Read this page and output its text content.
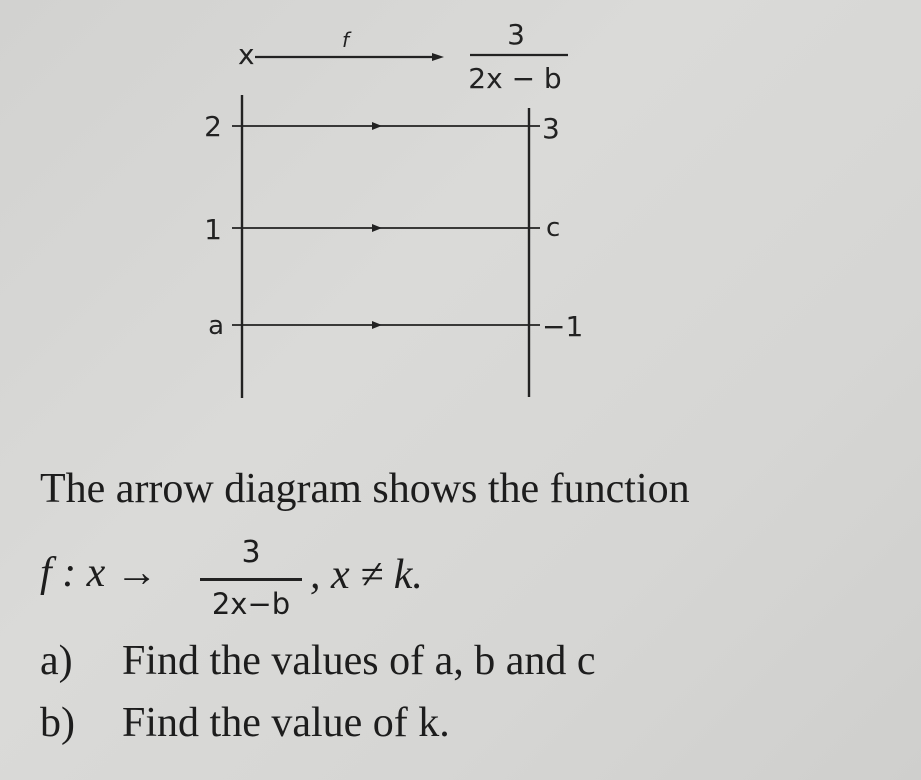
x	f	3
2x − b
2	3
1	c
a	−1
The arrow diagram shows the function
f : x →	3
2x−b
, x ≠ k.
a) Find the values of a, b and c
b) Find the value of k.
